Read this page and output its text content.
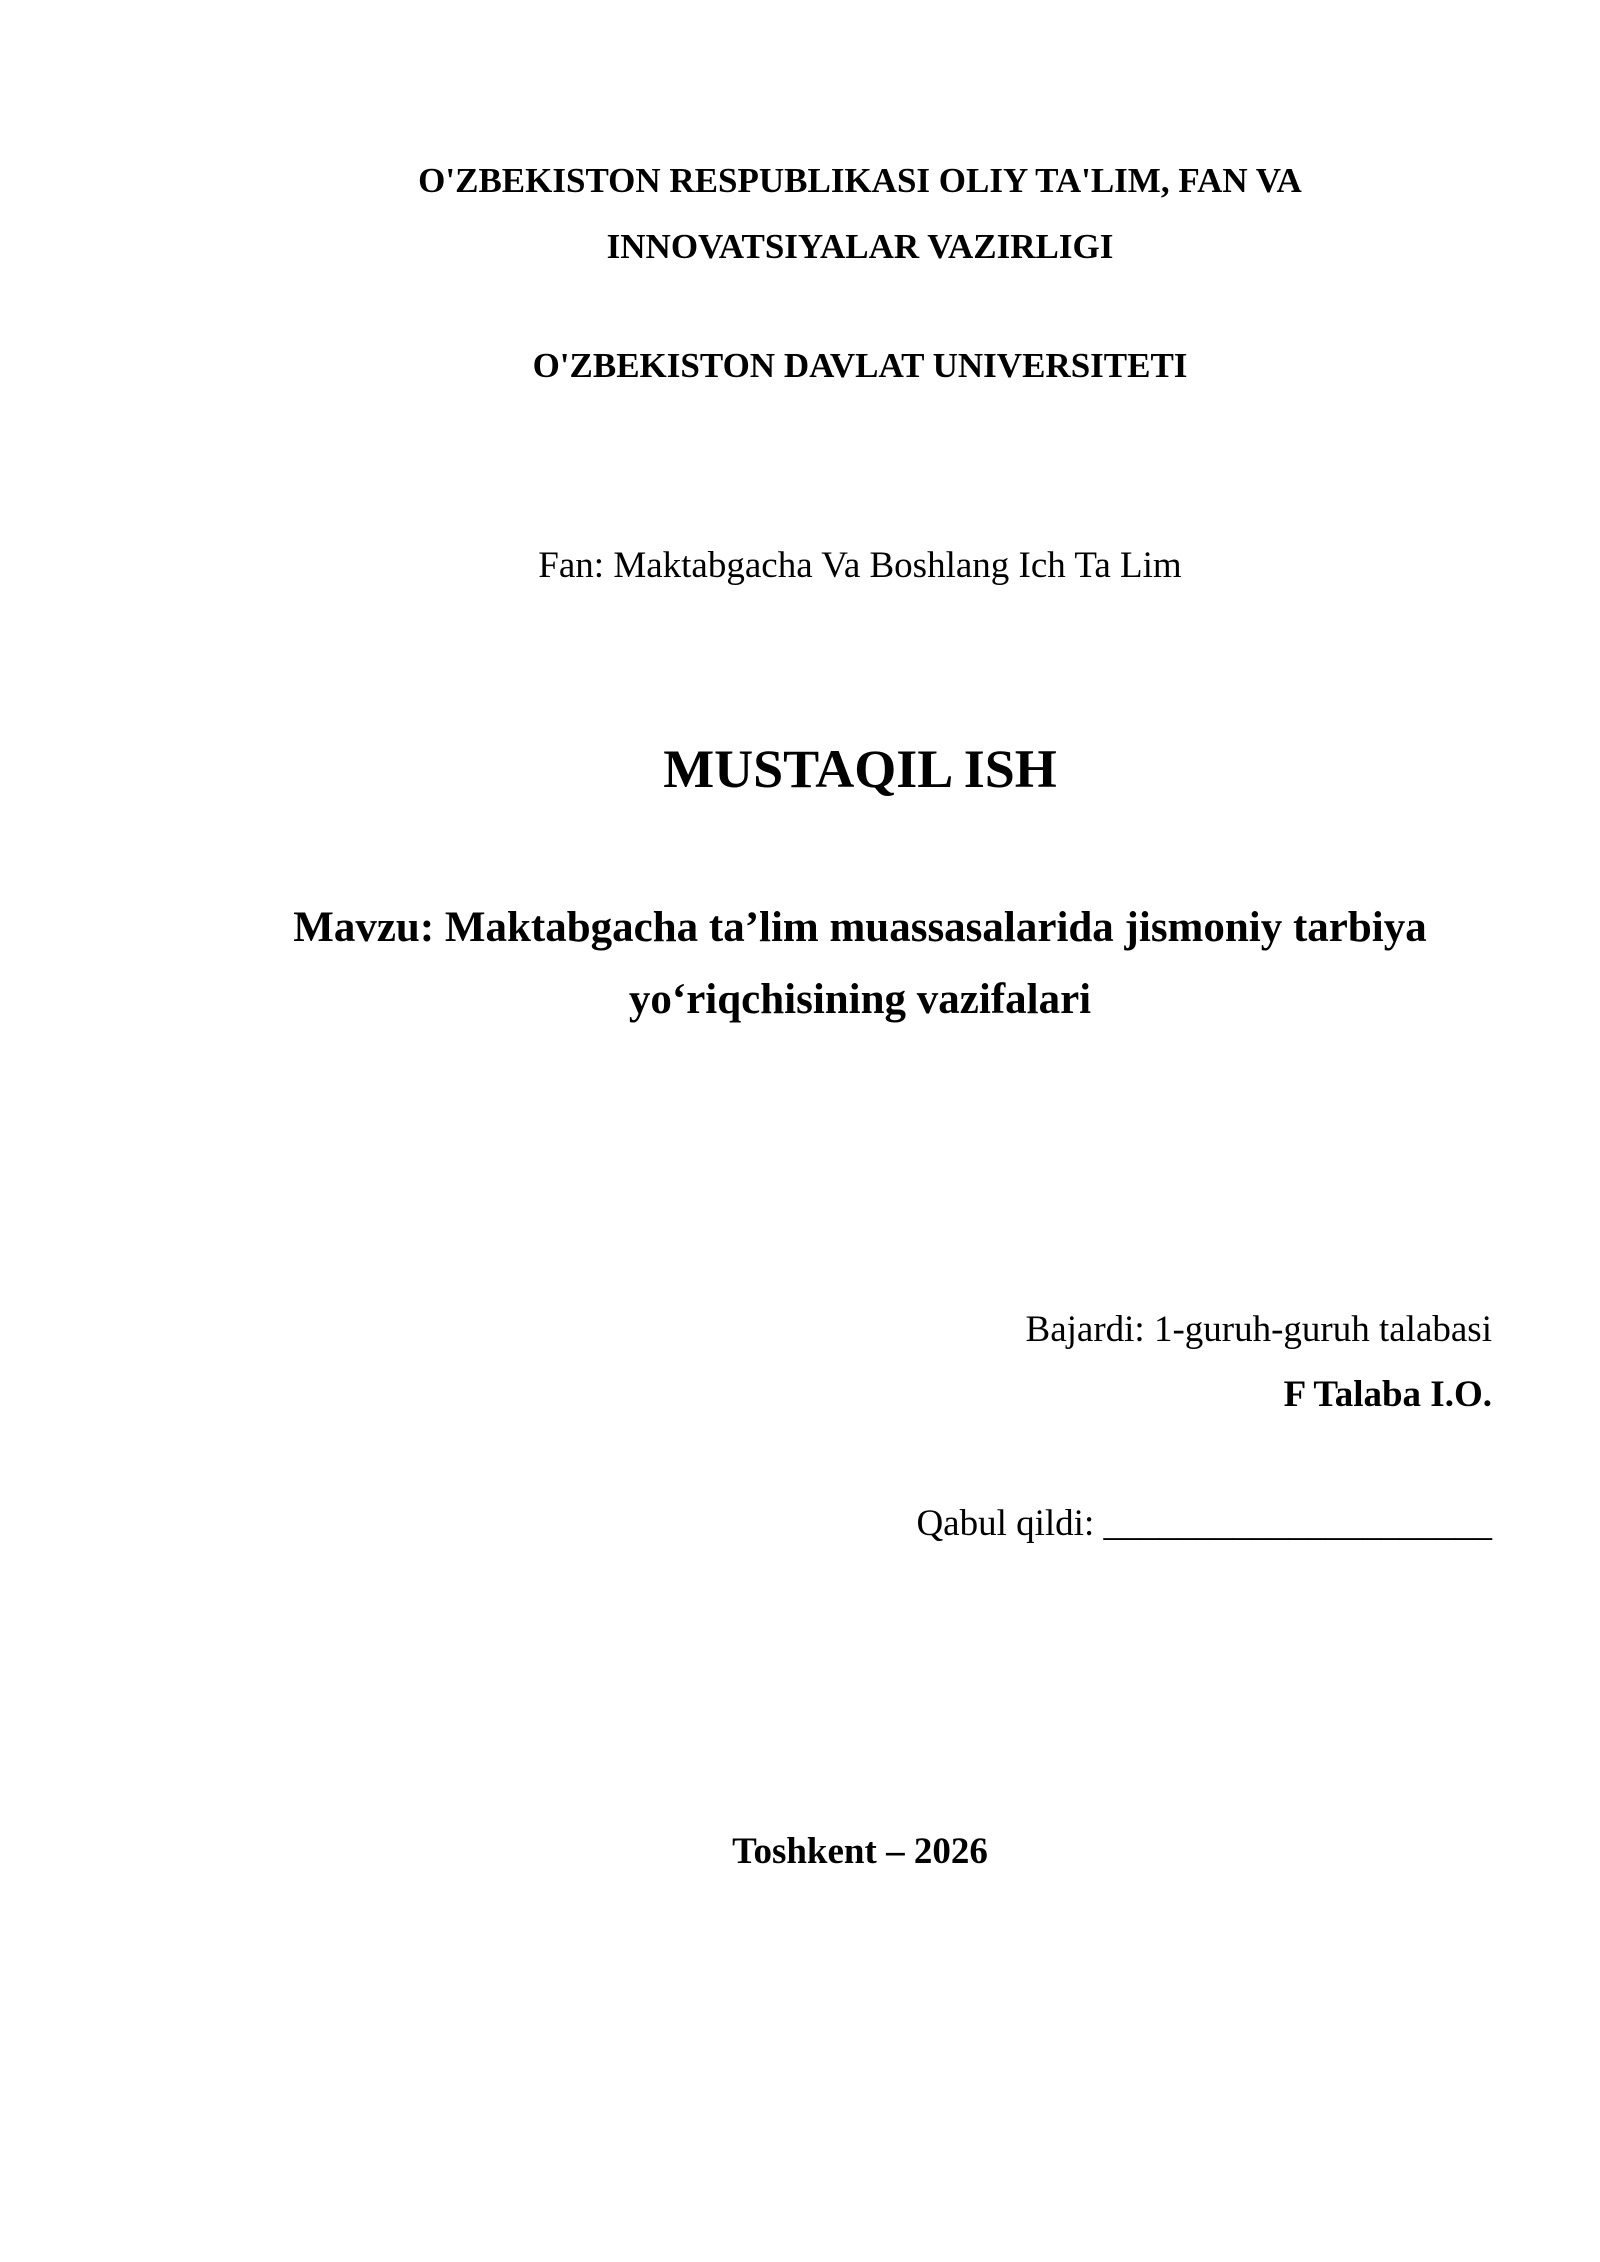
O'ZBEKISTON RESPUBLIKASI OLIY TA'LIM, FAN VA
INNOVATSIYALAR VAZIRLIGI
O'ZBEKISTON DAVLAT UNIVERSITETI
Fan: Maktabgacha Va Boshlang Ich Ta Lim
MUSTAQIL ISH
Mavzu: Maktabgacha ta’lim muassasalarida jismoniy tarbiya
yo‘riqchisining vazifalari
Bajardi: 1-guruh-guruh talabasi
F Talaba I.O.
Qabul qildi: _____________________
Toshkent – 2026
